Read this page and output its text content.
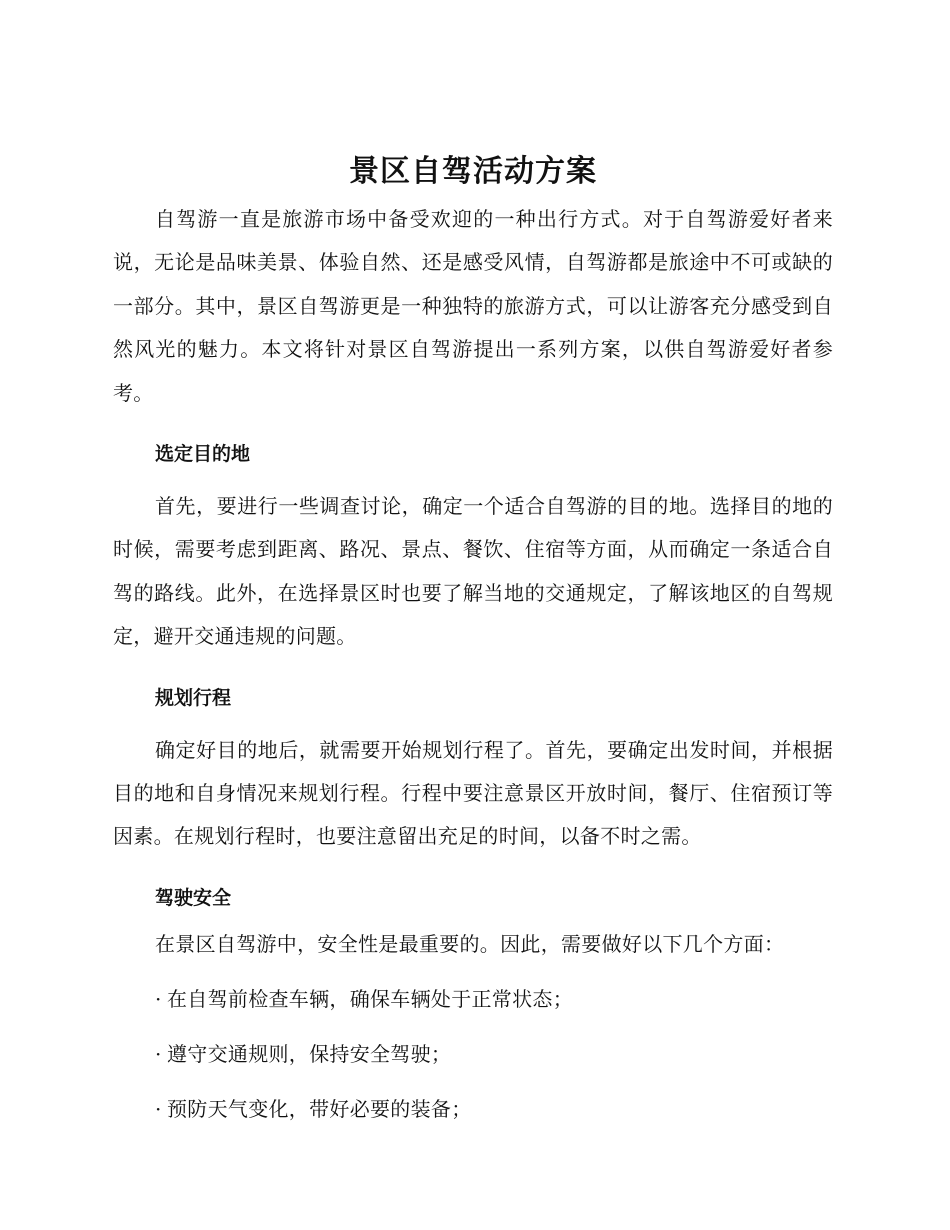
景区自驾活动方案

自驾游一直是旅游市场中备受欢迎的一种出行方式。对于自驾游爱好者来说，无论是品味美景、体验自然、还是感受风情，自驾游都是旅途中不可或缺的一部分。其中，景区自驾游更是一种独特的旅游方式，可以让游客充分感受到自然风光的魅力。本文将针对景区自驾游提出一系列方案，以供自驾游爱好者参考。

选定目的地

首先，要进行一些调查讨论，确定一个适合自驾游的目的地。选择目的地的时候，需要考虑到距离、路况、景点、餐饮、住宿等方面，从而确定一条适合自驾的路线。此外，在选择景区时也要了解当地的交通规定，了解该地区的自驾规定，避开交通违规的问题。

规划行程

确定好目的地后，就需要开始规划行程了。首先，要确定出发时间，并根据目的地和自身情况来规划行程。行程中要注意景区开放时间，餐厅、住宿预订等因素。在规划行程时，也要注意留出充足的时间，以备不时之需。

驾驶安全

在景区自驾游中，安全性是最重要的。因此，需要做好以下几个方面：

· 在自驾前检查车辆，确保车辆处于正常状态；

· 遵守交通规则，保持安全驾驶；

· 预防天气变化，带好必要的装备；
